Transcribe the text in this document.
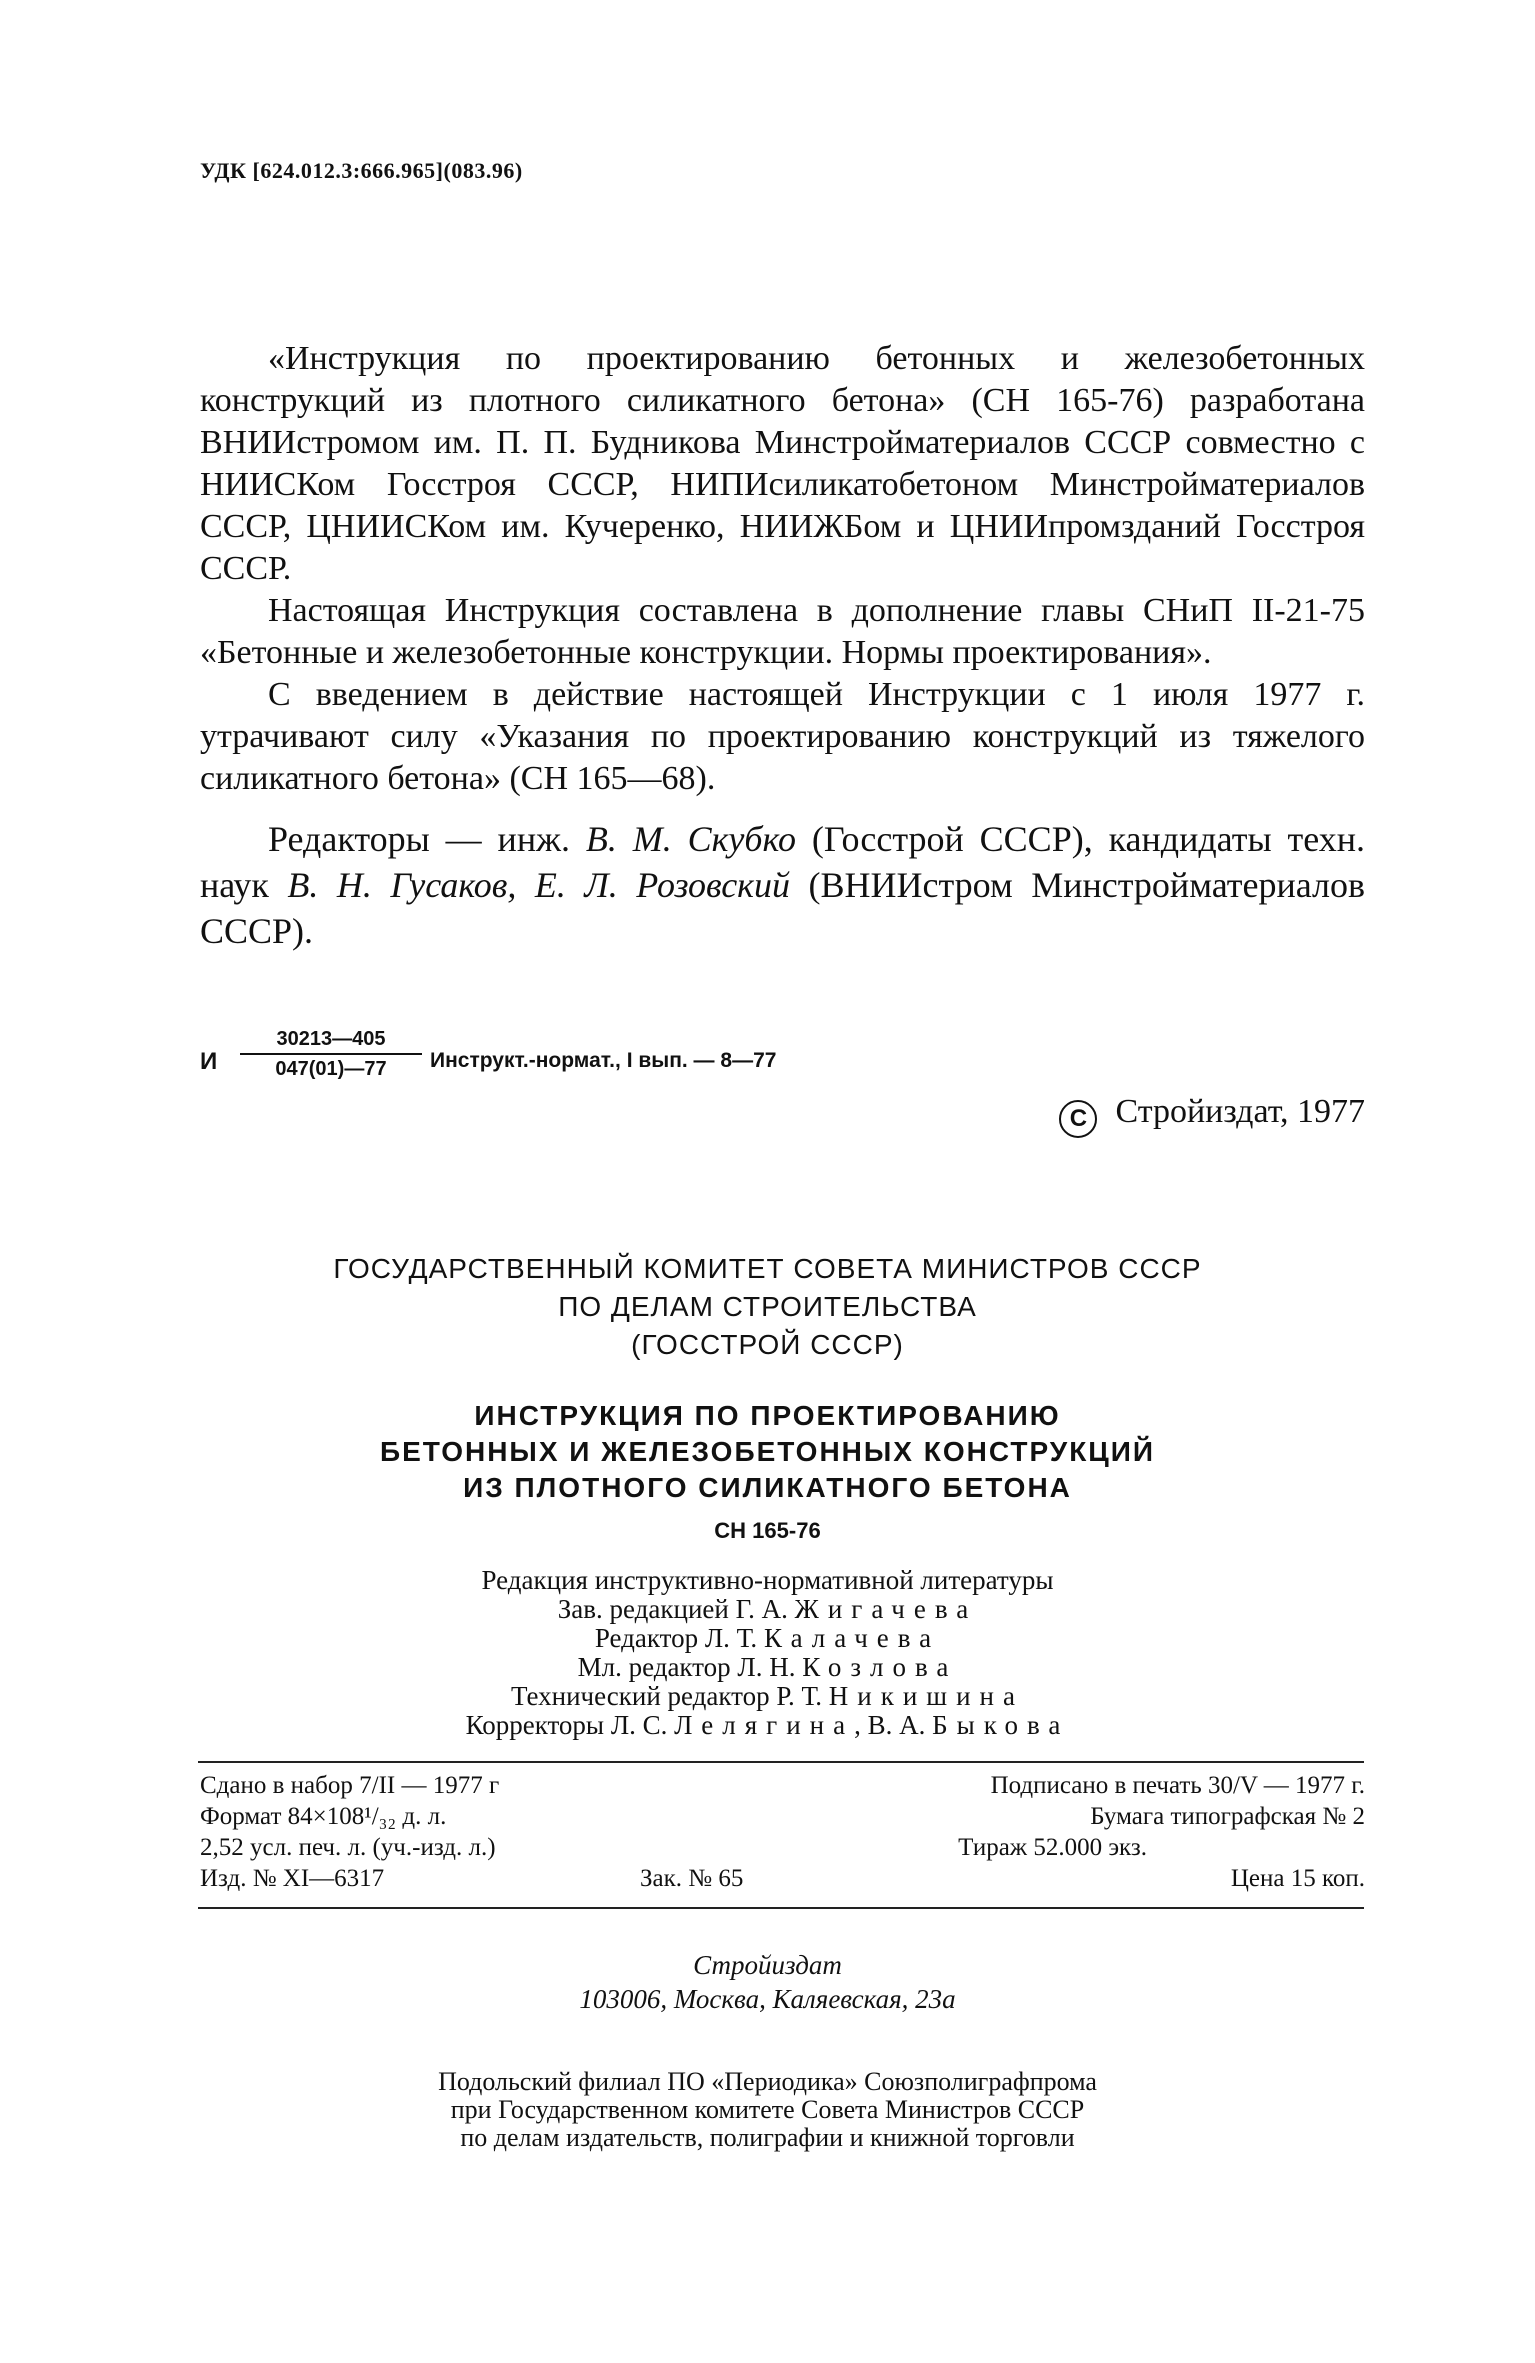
УДК [624.012.3:666.965](083.96)

«Инструкция по проектированию бетонных и железобетонных конструкций из плотного силикатного бетона» (СН 165-76) разработана ВНИИстромом им. П. П. Будникова Минстройматериалов СССР совместно с НИИСКом Госстроя СССР, НИПИсиликатобетоном Минстройматериалов СССР, ЦНИИСКом им. Кучеренко, НИИЖБом и ЦНИИпромзданий Госстроя СССР.

Настоящая Инструкция составлена в дополнение главы СНиП II-21-75 «Бетонные и железобетонные конструкции. Нормы проектирования».

С введением в действие настоящей Инструкции с 1 июля 1977 г. утрачивают силу «Указания по проектированию конструкций из тяжелого силикатного бетона» (СН 165—68).

Редакторы — инж. В. М. Скубко (Госстрой СССР), кандидаты техн. наук В. Н. Гусаков, Е. Л. Розовский (ВНИИстром Минстройматериалов СССР).
И $\frac{30213—405}{047(01)—77}$ Инструкт.-нормат., I вып. — 8—77
С Стройиздат, 1977
ГОСУДАРСТВЕННЫЙ КОМИТЕТ СОВЕТА МИНИСТРОВ СССР
ПО ДЕЛАМ СТРОИТЕЛЬСТВА
(ГОССТРОЙ СССР)
ИНСТРУКЦИЯ ПО ПРОЕКТИРОВАНИЮ
БЕТОННЫХ И ЖЕЛЕЗОБЕТОННЫХ КОНСТРУКЦИЙ
ИЗ ПЛОТНОГО СИЛИКАТНОГО БЕТОНА
СН 165-76
Редакция инструктивно-нормативной литературы
Зав. редакцией Г. А. Жигачева
Редактор Л. Т. Калачева
Мл. редактор Л. Н. Козлова
Технический редактор Р. Т. Никишина
Корректоры Л. С. Лелягина, В. А. Быкова
Сдано в набор 7/II — 1977 г	Подписано в печать 30/V — 1977 г.
Формат 84×108¹/₃₂ д. л.	Бумага типографская № 2
2,52 усл. печ. л. (уч.-изд. л.)	Тираж 52.000 экз.
Изд. № XI—6317	Зак. № 65	Цена 15 коп.
Стройиздат
103006, Москва, Каляевская, 23а
Подольский филиал ПО «Периодика» Союзполиграфпрома
при Государственном комитете Совета Министров СССР
по делам издательств, полиграфии и книжной торговли
